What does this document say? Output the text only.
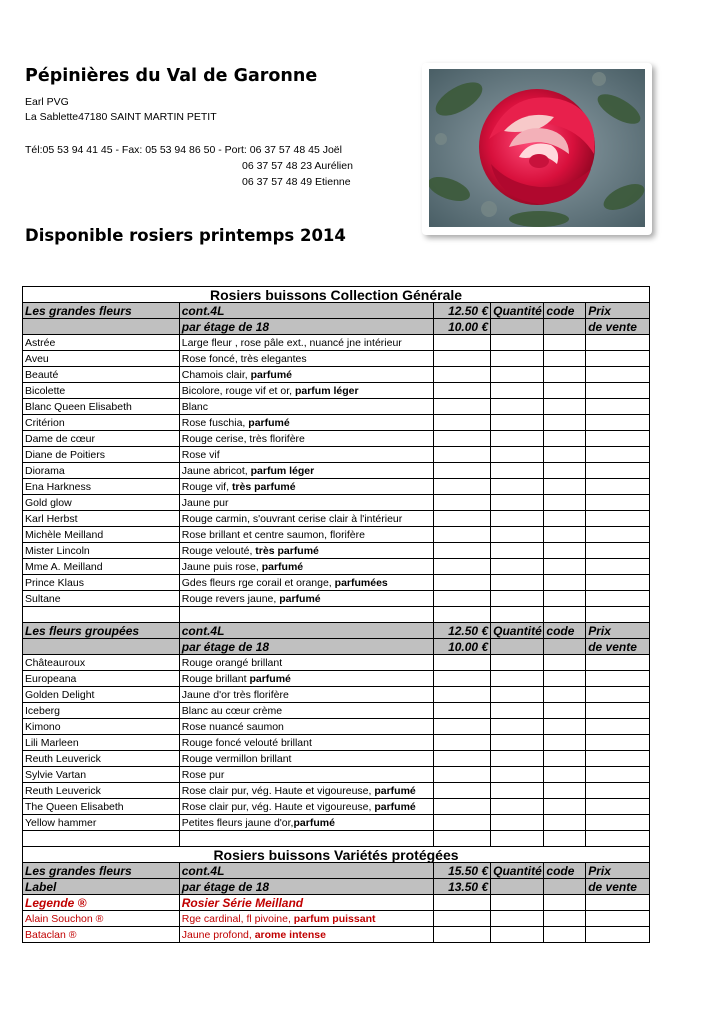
Pépinières du Val de Garonne
Earl PVG
La Sablette47180 SAINT MARTIN PETIT
Tél:05 53 94 41 45 - Fax: 05 53 94 86 50 - Port: 06 37 57 48 45 Joël
06 37 57 48 23 Aurélien
06 37 57 48 49 Etienne
Disponible rosiers printemps 2014
Rosiers buissons Collection Générale					
Les grandes fleurs	cont.4L	12.50 €	Quantité	code	Prix
	par étage de 18	10.00 €			de vente
Astrée	Large fleur , rose pâle ext., nuancé jne intérieur				
Aveu	Rose foncé, très elegantes				
Beauté	Chamois clair, parfumé				
Bicolette	Bicolore, rouge vif et or, parfum léger				
Blanc Queen Elisabeth	Blanc				
Critérion	Rose fuschia, parfumé				
Dame de cœur	Rouge cerise, très florifère				
Diane de Poitiers	Rose vif				
Diorama	Jaune abricot, parfum léger				
Ena Harkness	Rouge vif, très parfumé				
Gold glow	Jaune pur				
Karl Herbst	Rouge carmin, s'ouvrant cerise clair à l'intérieur				
Michèle Meilland	Rose brillant et centre saumon, florifère				
Mister Lincoln	Rouge velouté, très parfumé				
Mme A. Meilland	Jaune puis rose, parfumé				
Prince Klaus	Gdes fleurs rge corail et orange, parfumées				
Sultane	Rouge revers jaune, parfumé				

Les fleurs groupées	cont.4L	12.50 €	Quantité	code	Prix
	par étage de 18	10.00 €			de vente
Châteauroux	Rouge orangé brillant				
Europeana	Rouge brillant parfumé				
Golden Delight	Jaune d'or très florifère				
Iceberg	Blanc au cœur crème				
Kimono	Rose nuancé saumon				
Lili Marleen	Rouge foncé velouté brillant				
Reuth Leuverick	Rouge vermillon brillant				
Sylvie Vartan	Rose pur				
Reuth Leuverick	Rose clair pur, vég. Haute et vigoureuse, parfumé				
The Queen Elisabeth	Rose clair pur, vég. Haute et vigoureuse, parfumé				
Yellow hammer	Petites fleurs jaune d'or,parfumé				

Rosiers buissons Variétés protégées					
Les grandes fleurs	cont.4L	15.50 €	Quantité	code	Prix
Label	par étage de 18	13.50 €			de vente
Legende ®	Rosier Série Meilland				
Alain Souchon ®	Rge cardinal, fl pivoine, parfum puissant				
Bataclan ®	Jaune profond, arome intense				
